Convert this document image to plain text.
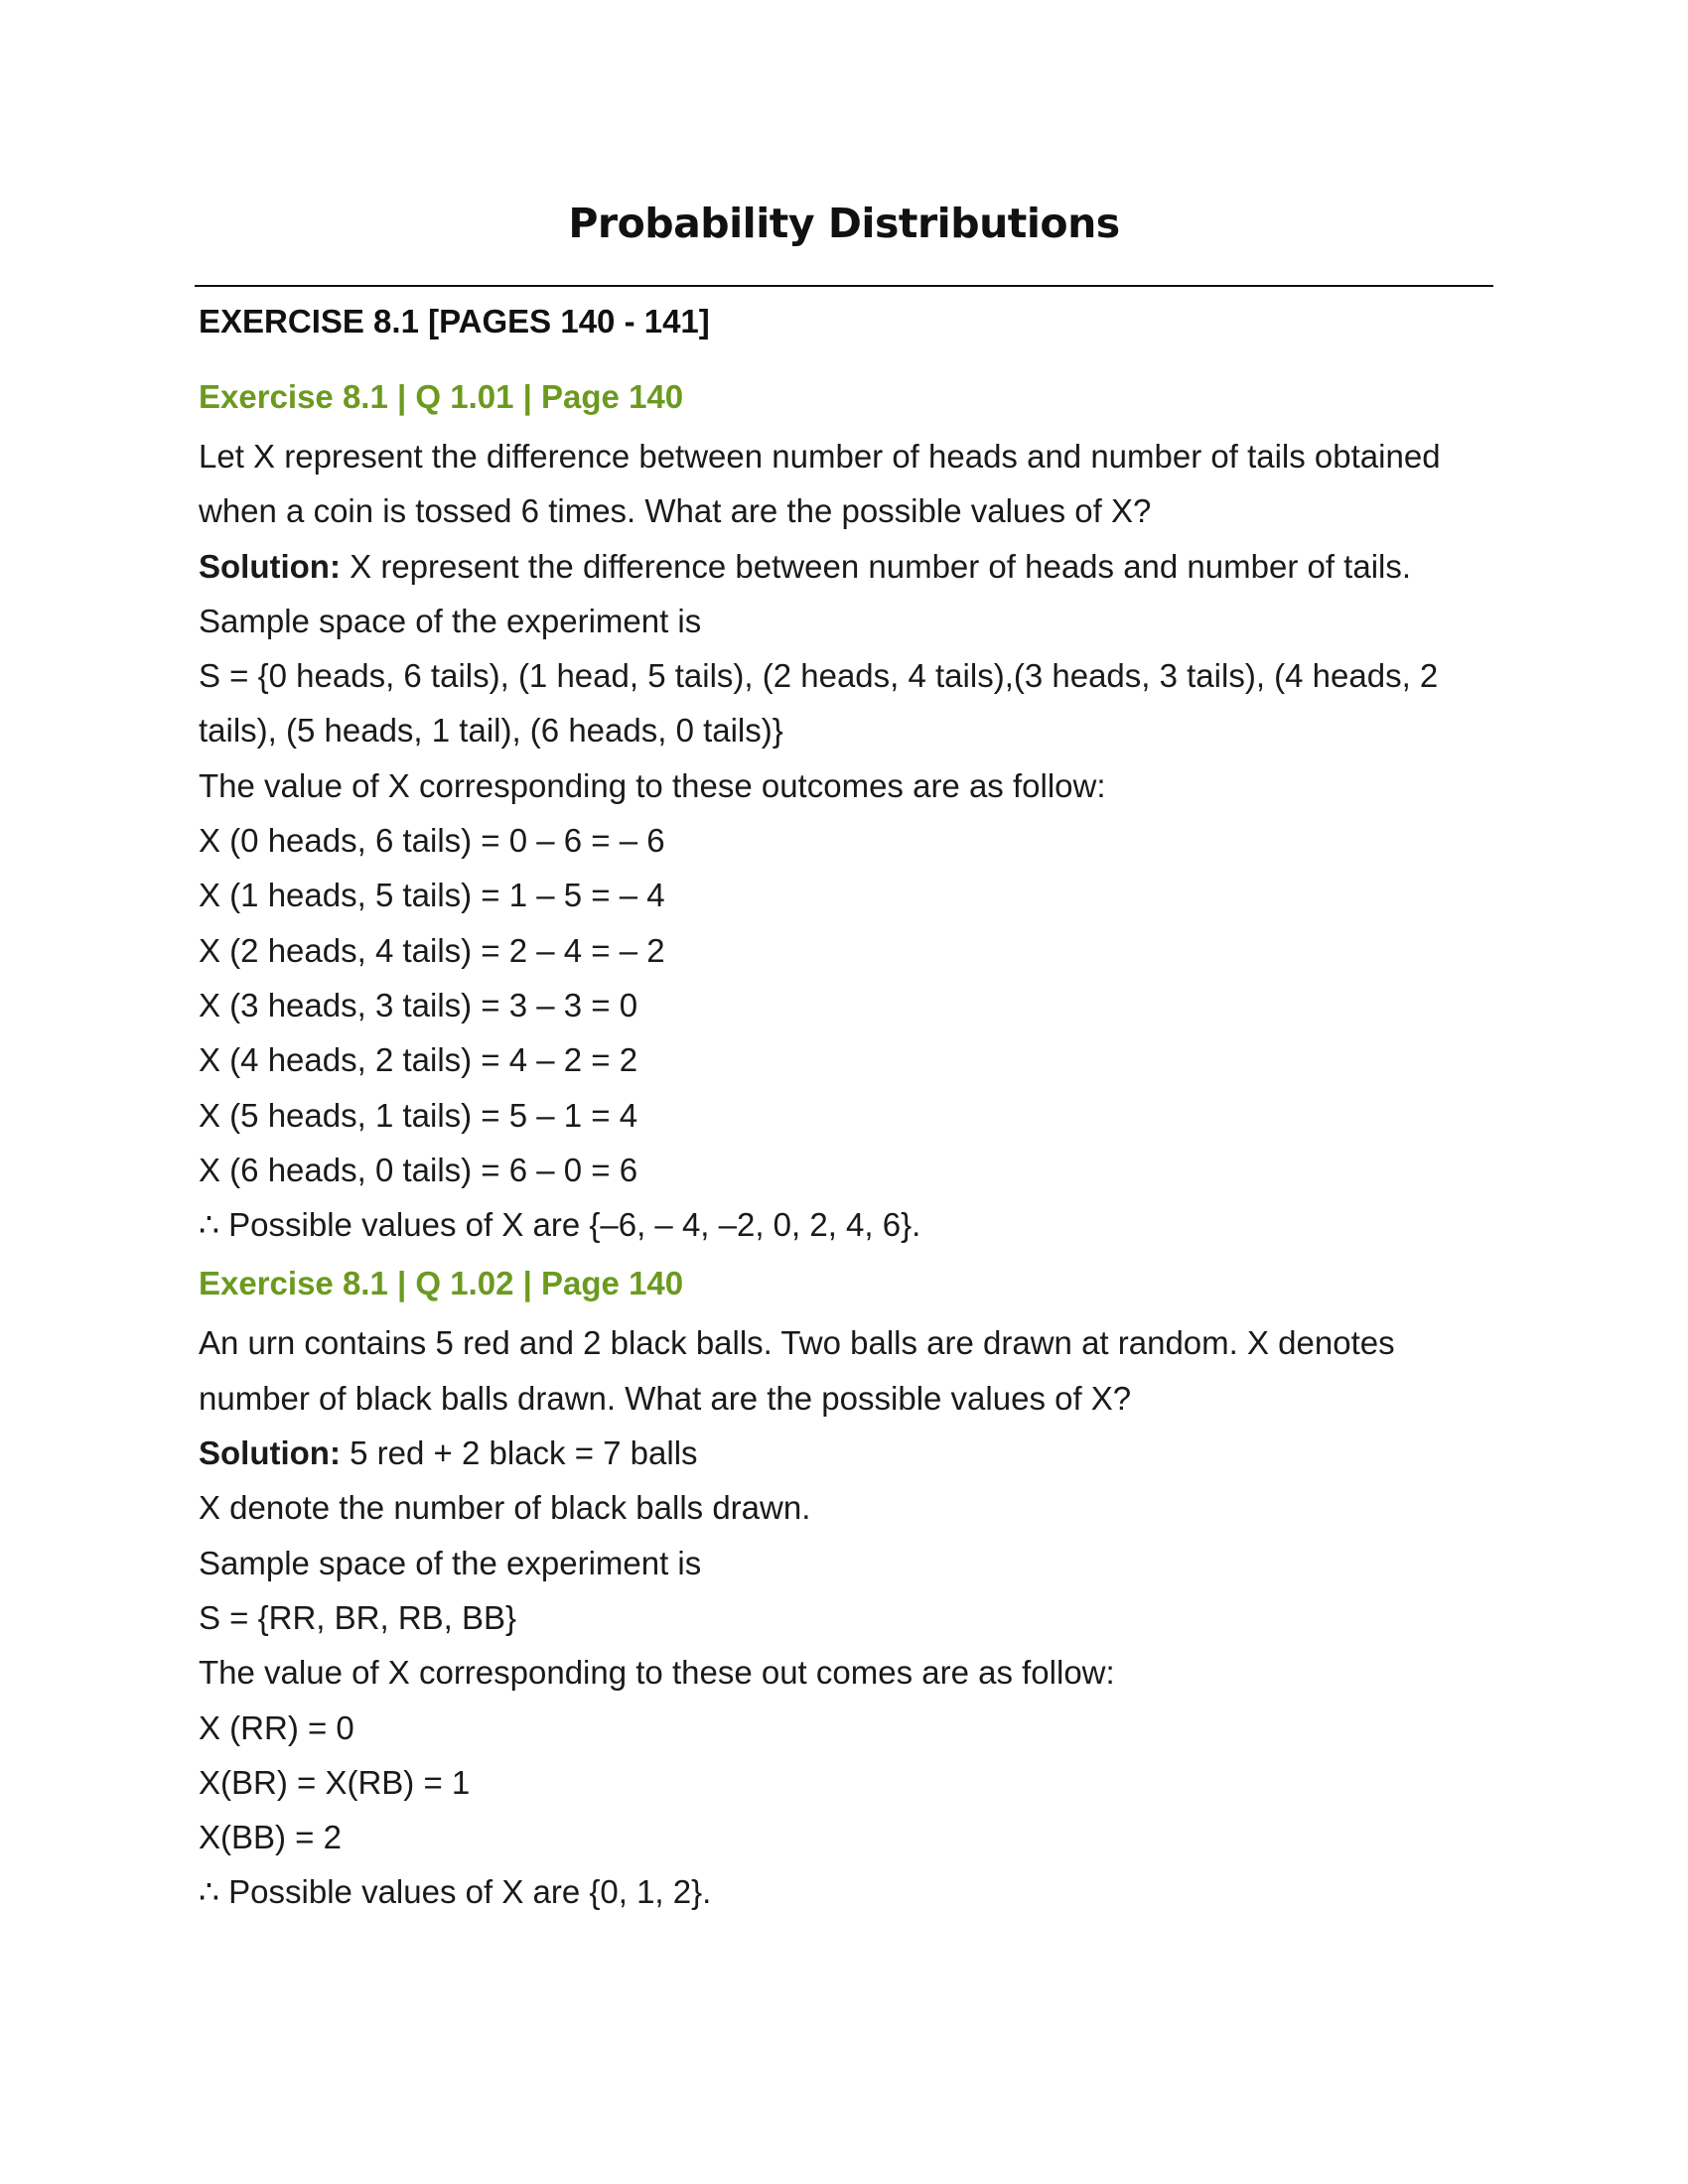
Probability Distributions
EXERCISE 8.1 [PAGES 140 - 141]
Exercise 8.1 | Q 1.01 | Page 140

Let X represent the difference between number of heads and number of tails obtained

when a coin is tossed 6 times. What are the possible values of X?

Solution: X represent the difference between number of heads and number of tails.

Sample space of the experiment is

S = {0 heads, 6 tails), (1 head, 5 tails), (2 heads, 4 tails),(3 heads, 3 tails), (4 heads, 2

tails), (5 heads, 1 tail), (6 heads, 0 tails)}

The value of X corresponding to these outcomes are as follow:

X (0 heads, 6 tails) = 0 – 6 = – 6

X (1 heads, 5 tails) = 1 – 5 = – 4

X (2 heads, 4 tails) = 2 – 4 = – 2

X (3 heads, 3 tails) = 3 – 3 = 0

X (4 heads, 2 tails) = 4 – 2 = 2

X (5 heads, 1 tails) = 5 – 1 = 4

X (6 heads, 0 tails) = 6 – 0 = 6

∴ Possible values of X are {–6, – 4, –2, 0, 2, 4, 6}.

Exercise 8.1 | Q 1.02 | Page 140

An urn contains 5 red and 2 black balls. Two balls are drawn at random. X denotes

number of black balls drawn. What are the possible values of X?

Solution: 5 red + 2 black = 7 balls

X denote the number of black balls drawn.

Sample space of the experiment is

S = {RR, BR, RB, BB}

The value of X corresponding to these out comes are as follow:

X (RR) = 0

X(BR) = X(RB) = 1

X(BB) = 2

∴ Possible values of X are {0, 1, 2}.
